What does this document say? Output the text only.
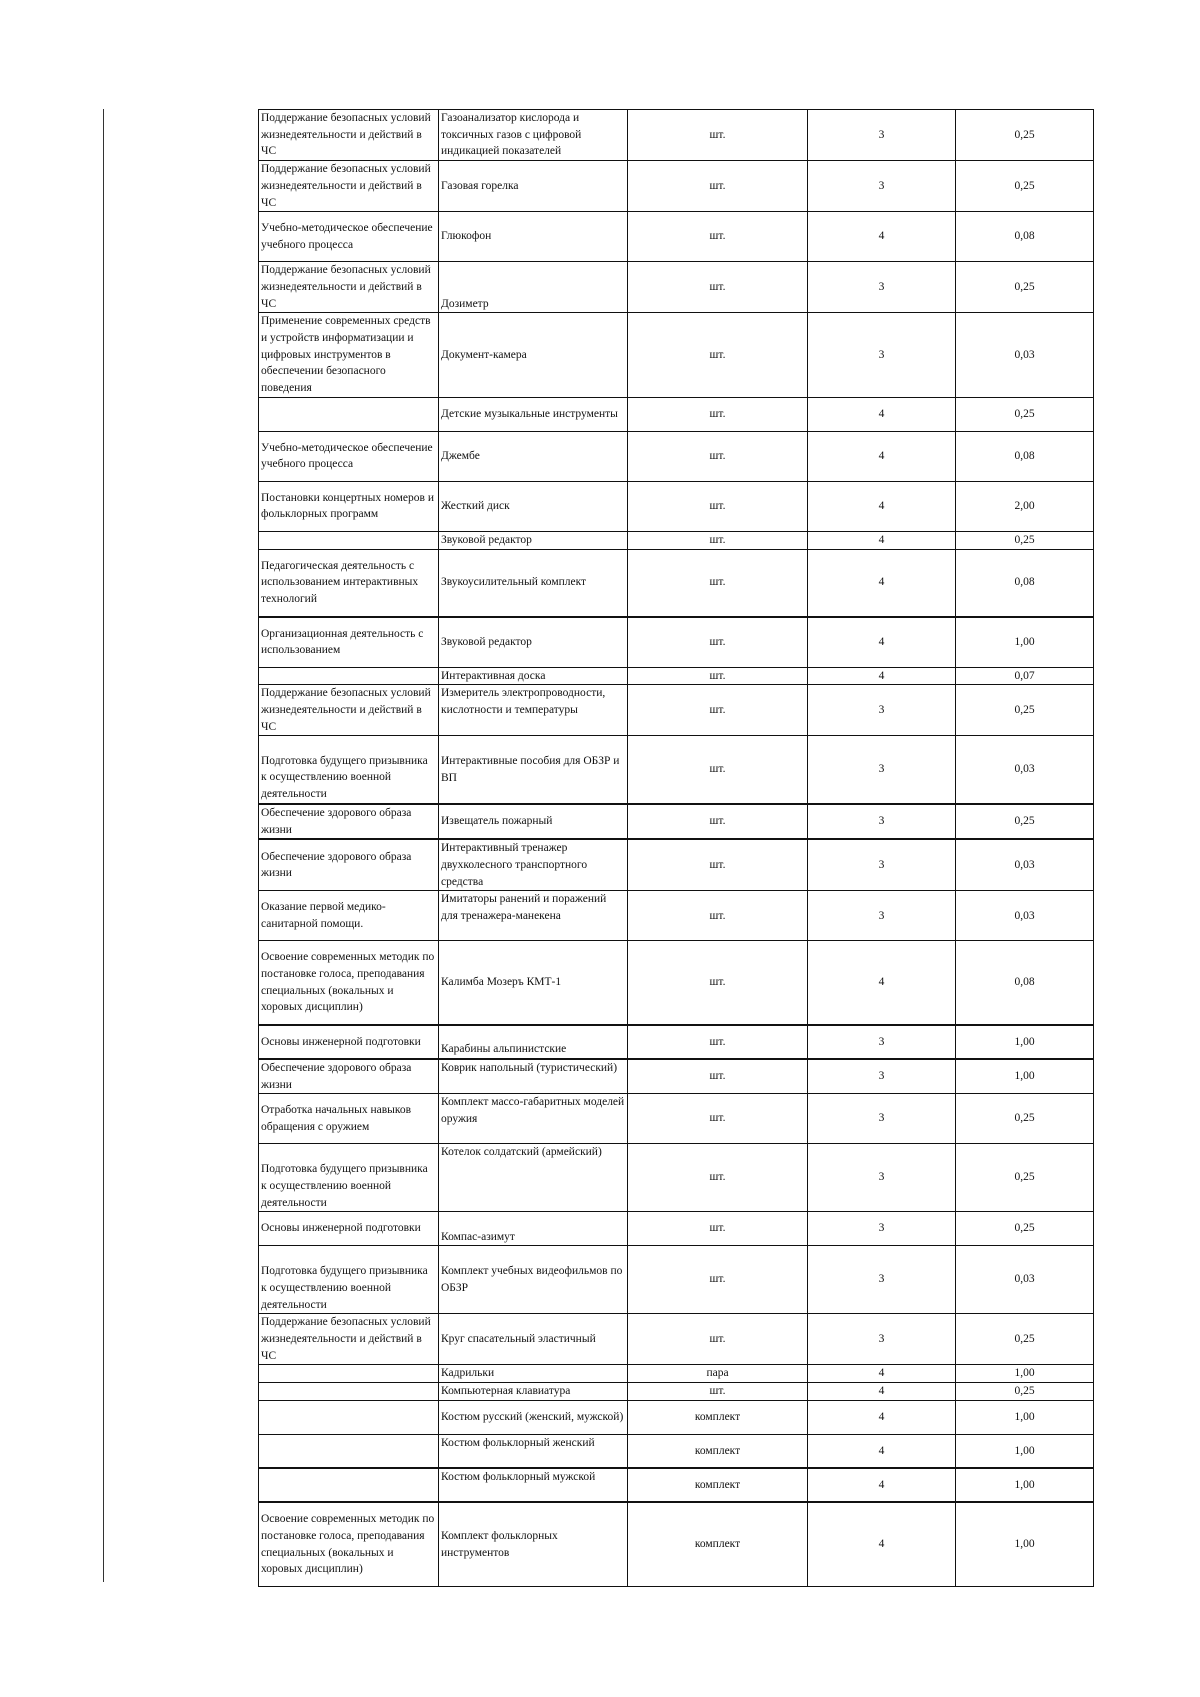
Поддержание безопасных условий жизнедеятельности и действий в ЧС	Газоанализатор кислорода и токсичных газов с цифровой индикацией показателей	шт.	3	0,25
Поддержание безопасных условий жизнедеятельности и действий в ЧС	Газовая горелка	шт.	3	0,25
Учебно-методическое обеспечение учебного процесса	Глюкофон	шт.	4	0,08
Поддержание безопасных условий жизнедеятельности и действий в ЧС	Дозиметр	шт.	3	0,25
Применение современных средств и устройств информатизации и цифровых инструментов в обеспечении безопасного поведения	Документ-камера	шт.	3	0,03
	Детские музыкальные инструменты	шт.	4	0,25
Учебно-методическое обеспечение учебного процесса	Джембе	шт.	4	0,08
Постановки концертных номеров и фольклорных программ	Жесткий диск	шт.	4	2,00
	Звуковой редактор	шт.	4	0,25
Педагогическая деятельность с использованием интерактивных технологий	Звукоусилительный комплект	шт.	4	0,08
Организационная деятельность с использованием	Звуковой редактор	шт.	4	1,00
	Интерактивная доска	шт.	4	0,07
Поддержание безопасных условий жизнедеятельности и действий в ЧС	Измеритель электропроводности, кислотности и температуры	шт.	3	0,25
Подготовка будущего призывника к осуществлению военной деятельности	Интерактивные пособия для ОБЗР и ВП	шт.	3	0,03
Обеспечение здорового образа жизни	Извещатель пожарный	шт.	3	0,25
Обеспечение здорового образа жизни	Интерактивный тренажер двухколесного транспортного средства	шт.	3	0,03
Оказание первой медико-санитарной помощи.	Имитаторы ранений и поражений для тренажера-манекена	шт.	3	0,03
Освоение современных методик по постановке голоса, преподавания специальных (вокальных и хоровых дисциплин)	Калимба Мозеръ КМТ-1	шт.	4	0,08
Основы инженерной подготовки	Карабины альпинистские	шт.	3	1,00
Обеспечение здорового образа жизни	Коврик напольный (туристический)	шт.	3	1,00
Отработка начальных навыков обращения с оружием	Комплект массо-габаритных моделей оружия	шт.	3	0,25
Подготовка будущего призывника к осуществлению военной деятельности	Котелок солдатский (армейский)	шт.	3	0,25
Основы инженерной подготовки	Компас-азимут	шт.	3	0,25
Подготовка будущего призывника к осуществлению военной деятельности	Комплект учебных видеофильмов по ОБЗР	шт.	3	0,03
Поддержание безопасных условий жизнедеятельности и действий в ЧС	Круг спасательный эластичный	шт.	3	0,25
	Кадрильки	пара	4	1,00
	Компьютерная клавиатура	шт.	4	0,25
	Костюм русский (женский, мужской)	комплект	4	1,00
	Костюм фольклорный женский	комплект	4	1,00
	Костюм фольклорный мужской	комплект	4	1,00
Освоение современных методик по постановке голоса, преподавания специальных (вокальных и хоровых дисциплин)	Комплект фольклорных инструментов	комплект	4	1,00
